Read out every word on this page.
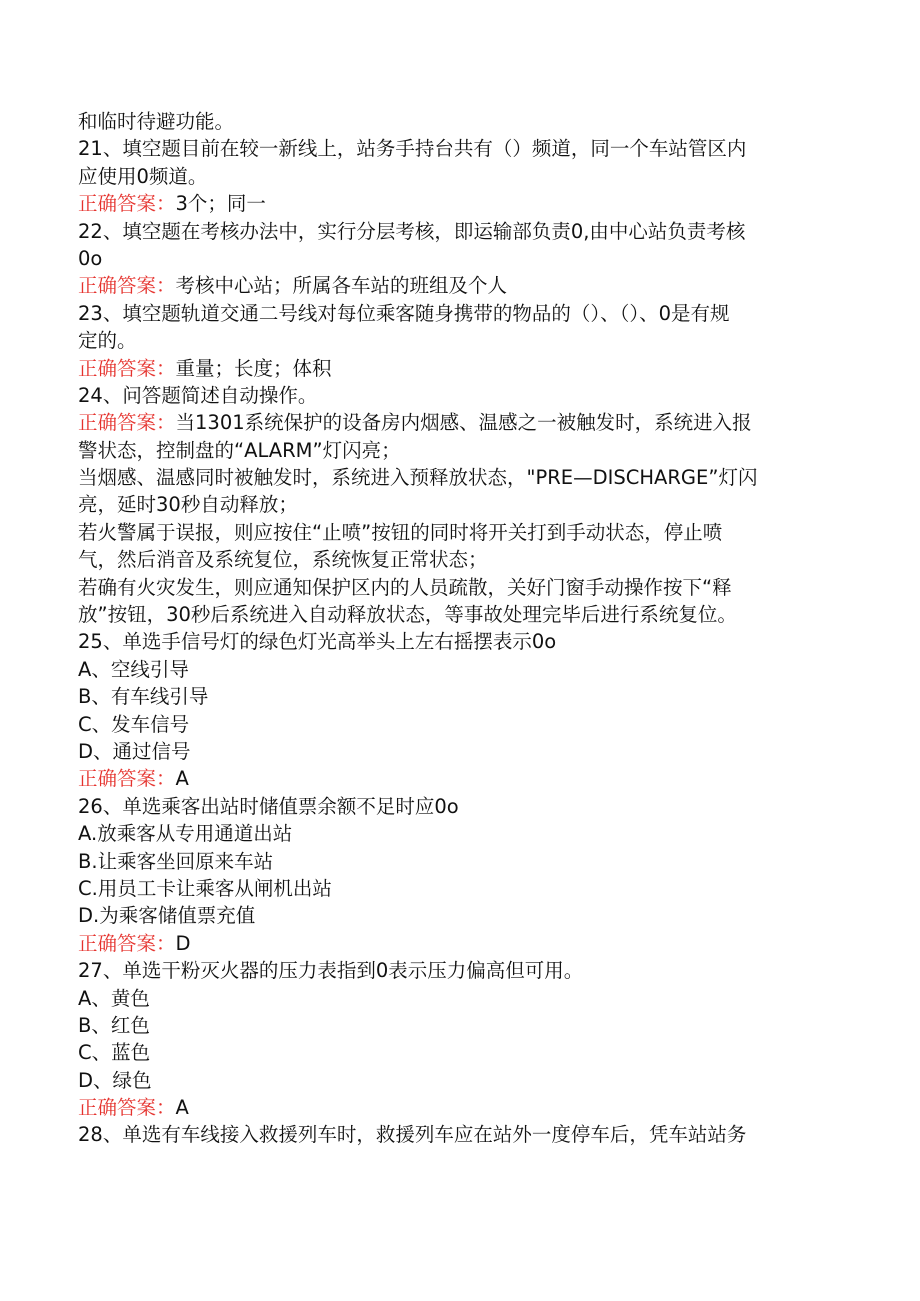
和临时待避功能。
21、填空题目前在较一新线上，站务手持台共有（）频道，同一个车站管区内
应使用0频道。
正确答案：3个；同一
22、填空题在考核办法中，实行分层考核，即运输部负责0,由中心站负责考核
0o
正确答案：考核中心站；所属各车站的班组及个人
23、填空题轨道交通二号线对每位乘客随身携带的物品的（）、（）、0是有规
定的。
正确答案：重量；长度；体积
24、问答题简述自动操作。
正确答案：当1301系统保护的设备房内烟感、温感之一被触发时，系统进入报
警状态，控制盘的“ALARM”灯闪亮；
当烟感、温感同时被触发时，系统进入预释放状态，"PRE—DISCHARGE”灯闪
亮，延时30秒自动释放；
若火警属于误报，则应按住“止喷”按钮的同时将开关打到手动状态，停止喷
气，然后消音及系统复位，系统恢复正常状态；
若确有火灾发生，则应通知保护区内的人员疏散，关好门窗手动操作按下“释
放”按钮，30秒后系统进入自动释放状态，等事故处理完毕后进行系统复位。
25、单选手信号灯的绿色灯光高举头上左右摇摆表示0o
A、空线引导
B、有车线引导
C、发车信号
D、通过信号
正确答案：A
26、单选乘客出站时储值票余额不足时应0o
A.放乘客从专用通道出站
B.让乘客坐回原来车站
C.用员工卡让乘客从闸机出站
D.为乘客储值票充值
正确答案：D
27、单选干粉灭火器的压力表指到0表示压力偏高但可用。
A、黄色
B、红色
C、蓝色
D、绿色
正确答案：A
28、单选有车线接入救援列车时，救援列车应在站外一度停车后，凭车站站务
